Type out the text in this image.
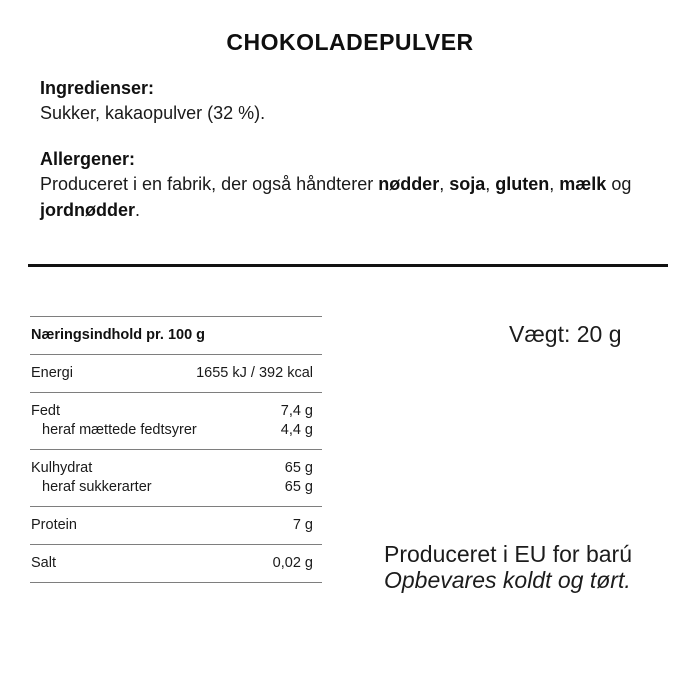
CHOKOLADEPULVER
Ingredienser:
Sukker, kakaopulver (32 %).
Allergener:

Produceret i en fabrik, der også håndterer nødder, soja, gluten, mælk og jordnødder.

Næringsindhold pr. 100 g
Energi	1655 kJ / 392 kcal
Fedt	7,4 g
heraf mættede fedtsyrer	4,4 g
Kulhydrat	65 g
heraf sukkerarter	65 g
Protein	7 g
Salt	0,02 g
Vægt: 20 g
Produceret i EU for barú
Opbevares koldt og tørt.
